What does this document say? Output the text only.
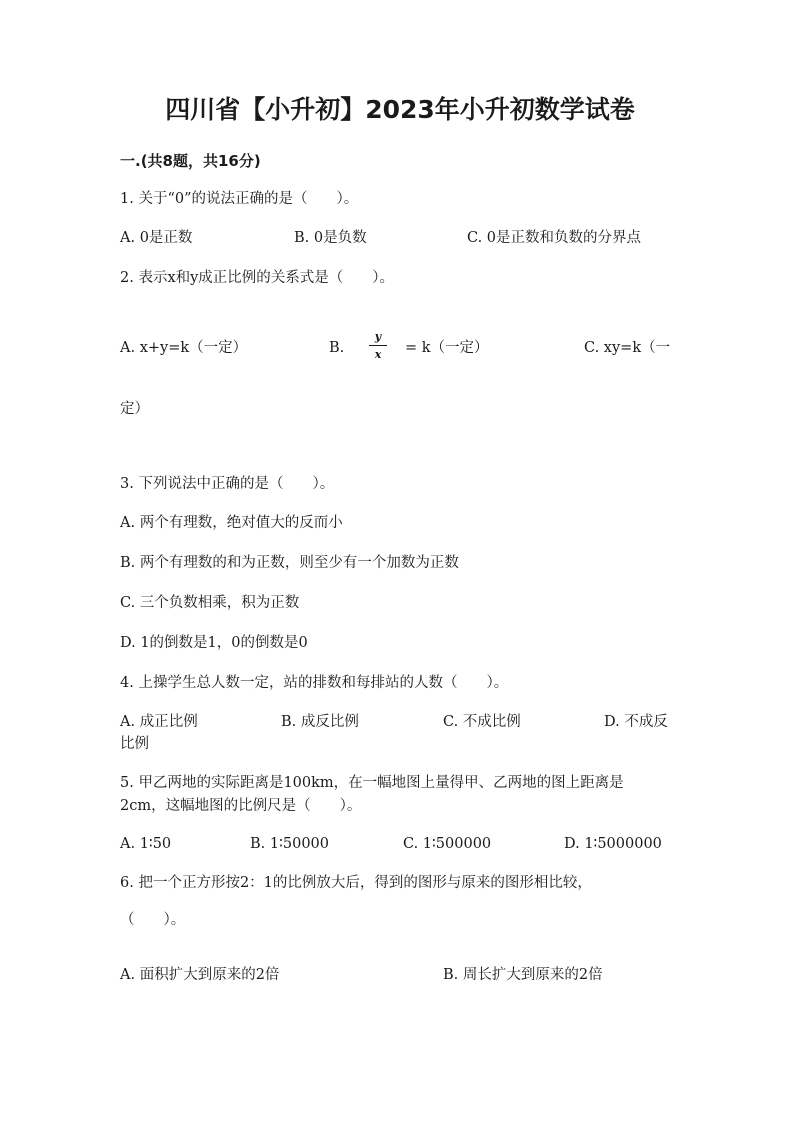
四川省【小升初】2023年小升初数学试卷
一.(共8题，共16分)
1. 关于“0”的说法正确的是（　　）。
A. 0是正数	B. 0是负数	C. 0是正数和负数的分界点
2. 表示x和y成正比例的关系式是（　　）。
A. x+y=k（一定）	B.
y
x	= k（一定）	C. xy=k（一
定）
3. 下列说法中正确的是（　　）。
A. 两个有理数，绝对值大的反而小
B. 两个有理数的和为正数，则至少有一个加数为正数
C. 三个负数相乘，积为正数
D. 1的倒数是1，0的倒数是0
4. 上操学生总人数一定，站的排数和每排站的人数（　　）。
A. 成正比例	B. 成反比例	C. 不成比例	D. 不成反
比例
5. 甲乙两地的实际距离是100km，在一幅地图上量得甲、乙两地的图上距离是
2cm，这幅地图的比例尺是（　　）。
A. 1∶50	B. 1∶50000	C. 1∶500000	D. 1∶5000000
6. 把一个正方形按2：1的比例放大后，得到的图形与原来的图形相比较，
（　　）。
A. 面积扩大到原来的2倍	B. 周长扩大到原来的2倍
